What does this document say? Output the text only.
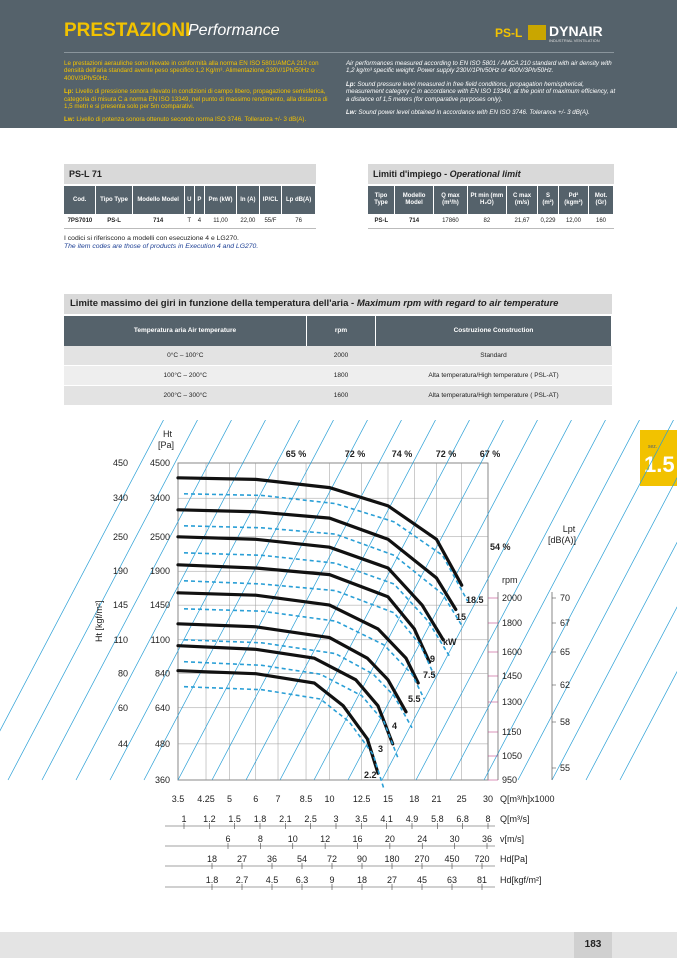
PRESTAZIONI
Performance	PS-L DYNAIR
INDUSTRIAL VENTILATION

Le prestazioni aerauliche sono rilevate in conformità alla norma EN ISO 5801/AMCA 210 con densità dell'aria standard avente peso specifico 1,2 Kg/m³. Alimentazione 230V/1Ph/50Hz o 400V/3Ph/50Hz.

Lp: Livello di pressione sonora rilevato in condizioni di campo libero, propagazione semisferica, categoria di misura C a norma EN ISO 13349, nel punto di massimo rendimento, alla distanza di 1,5 metri e si presenta solo per 5m comparativi.

Lw: Livello di potenza sonora ottenuto secondo norma ISO 3746. Tolleranza +/- 3 dB(A).

Air performances measured according to EN ISO 5801 / AMCA 210 standard with air density with 1,2 kg/m³ specific weight. Power supply 230V/1Ph/50Hz or 400V/3Ph/50Hz.

Lp: Sound pressure level measured in free field conditions, propagation hemispherical, measurement category C in accordance with EN ISO 13349, at the point of maximum efficiency, at a distance of 1,5 meters (for comparative purposes only).

Lw: Sound power level obtained in accordance with EN ISO 3746. Tolerance +/- 3 dB(A).

PS-L 71
Cod.	Tipo Type	Modello Model	U	P	Pm (kW)	In (A)	IP/CL	Lp dB(A)
7PS7010	PS-L	714	T	4	11,00	22,00	55/F	76
Limiti d'impiego - Operational limit
Tipo Type	Modello Model	Q max (m³/h)	Pt min (mm H₂O)	C max (m/s)	S (m²)	Pd² (kgm²)	Mot. (Gr)
PS-L	714	17860	82	21,67	0,229	12,00	160
I codici si riferiscono a modelli con esecuzione 4 e LG270.
The item codes are those of products in Execution 4 and LG270.
Limite massimo dei giri in funzione della temperatura dell'aria - Maximum rpm with regard to air temperature
Temperatura aria Air temperature	rpm	Costruzione Construction
0°C – 100°C	2000	Standard
100°C – 200°C	1800	Alta temperatura/High temperature ( PSL-AT)
200°C – 300°C	1600	Alta temperatura/High temperature ( PSL-AT)
sez.
1.5
65 %	72 %	74 %	72 %	67 %
54 %
18.5
15
9
7.5
5.5
4
3
2.2
kW
360
480
640
840
1100
1450
1900
2500
3400
4500
44
60
80
110
145
190
250
340
450
Ht
[Pa]
Ht [kgf/m²]
rpm
950
1050
1150
1300
1450
1600
1800
2000
Lpt
[dB(A)]
55
58
62
65
67
70
3.5 4.25 5 6 7 8.5 10 12.5 15 18 21 25 30 Q[m³/h]x1000
1 1.2 1.5 1.8 2.1 2.5 3 3.5 4.1 4.9 5.8 6.8 8 Q[m³/s]
6	8	10 12 16 20 24 30 36 v[m/s]
18 27 36 54 72 90 180 270 450 720 Hd[Pa]
1.8 2.7 4.5 6.3 9 18 27 45 63 81 Hd[kgf/m²]
183
